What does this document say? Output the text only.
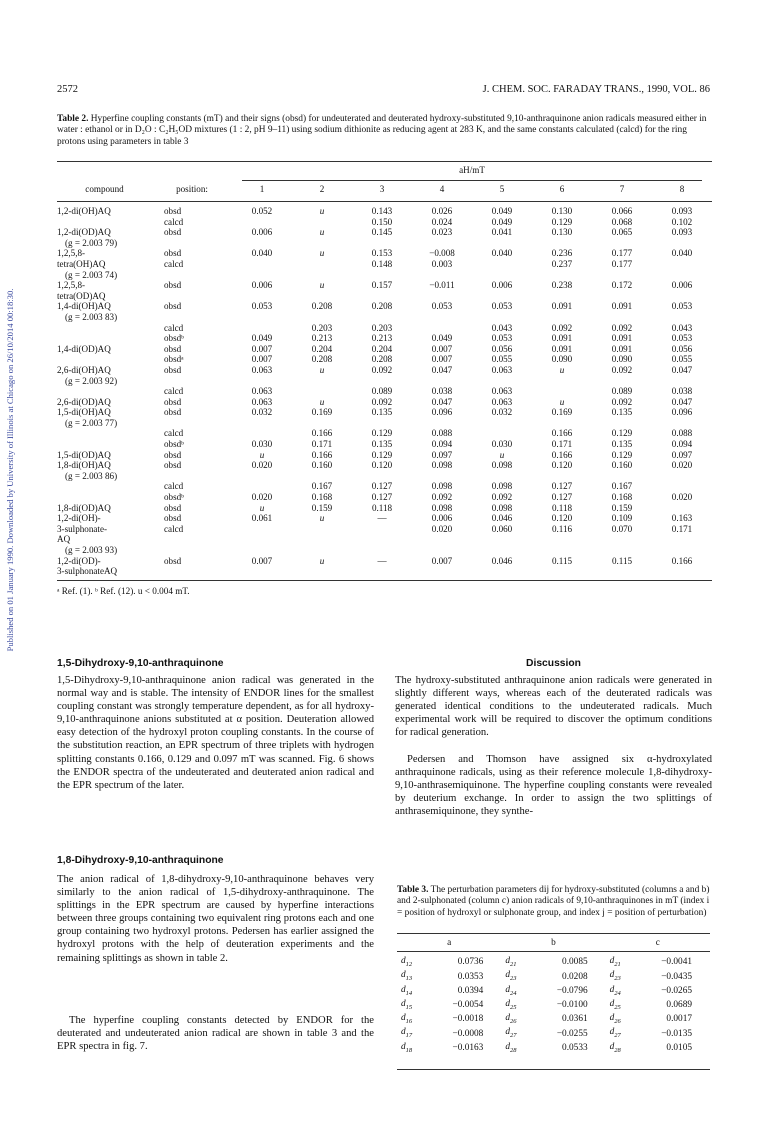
2572	J. CHEM. SOC. FARADAY TRANS., 1990, VOL. 86
Published on 01 January 1990. Downloaded by University of Illinois at Chicago on 26/10/2014 00:18:30.
Table 2. Hyperfine coupling constants (mT) and their signs (obsd) for undeuterated and deuterated hydroxy-substituted 9,10-anthraquinone anion radicals measured either in water : ethanol or in D₂O : C₂H₅OD mixtures (1 : 2, pH 9–11) using sodium dithionite as reducing agent at 283 K, and the same constants calculated (calcd) for the ring protons using parameters in table 3
		aH/mT							

compound	position:	1	2	3	4	5	6	7	8

1,2-di(OH)AQ	obsd	0.052	u	0.143	0.026	0.049	0.130	0.066	0.093
	calcd			0.150	0.024	0.049	0.129	0.068	0.102
1,2-di(OD)AQ	obsd	0.006	u	0.145	0.023	0.041	0.130	0.065	0.093
(g = 2.003 79)									
1,2,5,8-	obsd	0.040	u	0.153	−0.008	0.040	0.236	0.177	0.040
tetra(OH)AQ	calcd			0.148	0.003		0.237	0.177	
(g = 2.003 74)									
1,2,5,8-	obsd	0.006	u	0.157	−0.011	0.006	0.238	0.172	0.006
tetra(OD)AQ									
1,4-di(OH)AQ	obsd	0.053	0.208	0.208	0.053	0.053	0.091	0.091	0.053
(g = 2.003 83)									
	calcd		0.203	0.203		0.043	0.092	0.092	0.043
	obsdᵇ	0.049	0.213	0.213	0.049	0.053	0.091	0.091	0.053
1,4-di(OD)AQ	obsd	0.007	0.204	0.204	0.007	0.056	0.091	0.091	0.056
	obsdᵃ	0.007	0.208	0.208	0.007	0.055	0.090	0.090	0.055
2,6-di(OH)AQ	obsd	0.063	u	0.092	0.047	0.063	u	0.092	0.047
(g = 2.003 92)									
	calcd	0.063		0.089	0.038	0.063		0.089	0.038
2,6-di(OD)AQ	obsd	0.063	u	0.092	0.047	0.063	u	0.092	0.047
1,5-di(OH)AQ	obsd	0.032	0.169	0.135	0.096	0.032	0.169	0.135	0.096
(g = 2.003 77)									
	calcd		0.166	0.129	0.088		0.166	0.129	0.088
	obsdᵇ	0.030	0.171	0.135	0.094	0.030	0.171	0.135	0.094
1,5-di(OD)AQ	obsd	u	0.166	0.129	0.097	u	0.166	0.129	0.097
1,8-di(OH)AQ	obsd	0.020	0.160	0.120	0.098	0.098	0.120	0.160	0.020
(g = 2.003 86)									
	calcd		0.167	0.127	0.098	0.098	0.127	0.167	
	obsdᵇ	0.020	0.168	0.127	0.092	0.092	0.127	0.168	0.020
1,8-di(OD)AQ	obsd	u	0.159	0.118	0.098	0.098	0.118	0.159	
1,2-di(OH)-	obsd	0.061	u	—	0.006	0.046	0.120	0.109	0.163
3-sulphonate-	calcd				0.020	0.060	0.116	0.070	0.171
AQ									
(g = 2.003 93)									
1,2-di(OD)-	obsd	0.007	u	—	0.007	0.046	0.115	0.115	0.166
3-sulphonateAQ									
ᵃ Ref. (1). ᵇ Ref. (12). u < 0.004 mT.
1,5-Dihydroxy-9,10-anthraquinone
1,5-Dihydroxy-9,10-anthraquinone anion radical was generated in the normal way and is stable. The intensity of ENDOR lines for the smallest coupling constant was strongly temperature dependent, as for all hydroxy-9,10-anthraquinone anions substituted at α position. Deuteration allowed easy detection of the hydroxyl proton coupling constants. In the course of the substitution reaction, an EPR spectrum of three triplets with hydrogen splitting constants 0.166, 0.129 and 0.097 mT was scanned. Fig. 6 shows the ENDOR spectra of the undeuterated and deuterated anion radical and the EPR spectrum of the later.
1,8-Dihydroxy-9,10-anthraquinone
The anion radical of 1,8-dihydroxy-9,10-anthraquinone behaves very similarly to the anion radical of 1,5-dihydroxy-anthraquinone. The splittings in the EPR spectrum are caused by hyperfine interactions between three groups containing two equivalent ring protons each and one group containing two hydroxyl protons. Pedersen has earlier assigned the hydroxyl protons with the help of deuteration experiments and the remaining splittings as shown in table 2.
The hyperfine coupling constants detected by ENDOR for the deuterated and undeuterated anion radical are shown in table 3 and the EPR spectra in fig. 7.
Discussion
The hydroxy-substituted anthraquinone anion radicals were generated in slightly different ways, whereas each of the deuterated radicals was generated identical conditions to the undeuterated radicals. Much experimental work will be required to discover the optimum conditions for radical generation.
Pedersen and Thomson have assigned six α-hydroxylated anthraquinone radicals, using as their reference molecule 1,8-dihydroxy-9,10-anthrasemiquinone. The hyperfine coupling constants were revealed by deuterium exchange. In order to assign the two splittings of anthrasemiquinone, they synthe-
Table 3. The perturbation parameters dij for hydroxy-substituted (columns a and b) and 2-sulphonated (column c) anion radicals of 9,10-anthraquinones in mT (index i = position of hydroxyl or sulphonate group, and index j = position of perturbation)
a		b		c	

$d_{12}$	0.0736	$d_{21}$	0.0085	$d_{21}$	−0.0041
$d_{13}$	0.0353	$d_{23}$	0.0208	$d_{23}$	−0.0435
$d_{14}$	0.0394	$d_{24}$	−0.0796	$d_{24}$	−0.0265
$d_{15}$	−0.0054	$d_{25}$	−0.0100	$d_{25}$	0.0689
$d_{16}$	−0.0018	$d_{26}$	0.0361	$d_{26}$	0.0017
$d_{17}$	−0.0008	$d_{27}$	−0.0255	$d_{27}$	−0.0135
$d_{18}$	−0.0163	$d_{28}$	0.0533	$d_{28}$	0.0105
